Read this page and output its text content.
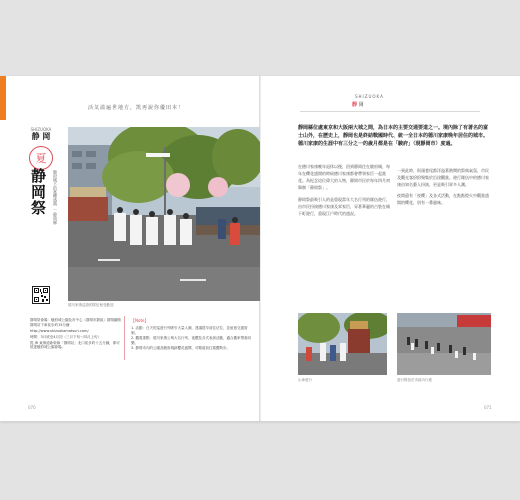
活気溢遍世地方，凯再說你優田本！
SHIZUOKA
静 岡
夏
静岡祭	駿府城下的賞櫻盛典 ｜ 静岡縣
德川家康巡遊的隊伍極受歡迎

靜岡祭會場：駿府城公園及市中心（靜岡市靜區）靜岡鐵路靜岡站下車徒步約15分鐘

http://www.shizuokamatsuri.com/

時間：3月底至4月初（三月下旬～四月上旬）

從 JR 東海道新幹線「靜岡站」北口徒步約十五分鐘，即可抵達駿府城公園會場。

【Note】

1. 活動：白天的巡遊行列吸引大量人潮，建議提早前往佔位，並留意交通管制。

2. 觀賞重點：德川家康公與大名行列、夜櫻及各式表演活動，適合攜家帶眷同樂。

3. 靜岡市內的公園及駿府城跡櫻花盛開，可順道前往賞櫻散步。

070
SHIZUOKA
靜 岡
靜岡縣位處東京和大阪兩大城之間，為日本的主要交通要道之一。境內除了有著名的富士山外，在歷史上，靜岡也是終結戰國時代、統一全日本的德川家康晚年居住的城市。德川家康的生涯中有三分之一的歲月都是在「駿府」（現靜岡市）度過。

在德川家康晚年退休以後，回到靜岡住在駿府城，每年在櫻花盛開的時候德川家康都會帶領家臣一起賞花。為紀念這位偉大的人物，靜岡市民於每年四月初舉辦「靜岡祭」。

靜岡祭最吸引人的是重現當年大名行列的隊伍遊行，由市民扮演德川家康及眾家臣，穿著華麗的古裝在城下町遊行，重現江戶時代的盛況。

一到此時，街頭巷尾都洋溢著熱鬧的祭典氣氛，市民及觀光客紛紛聚集於沿途觀賞。遊行隊伍中的德川家康由知名藝人扮演，更是吸引眾多人潮。

夜間還有「夜櫻」及各式活動，在點點燈火中觀賞盛開的櫻花，別有一番風味。

山車遊行	遊行隊伍於市區內行進
071
